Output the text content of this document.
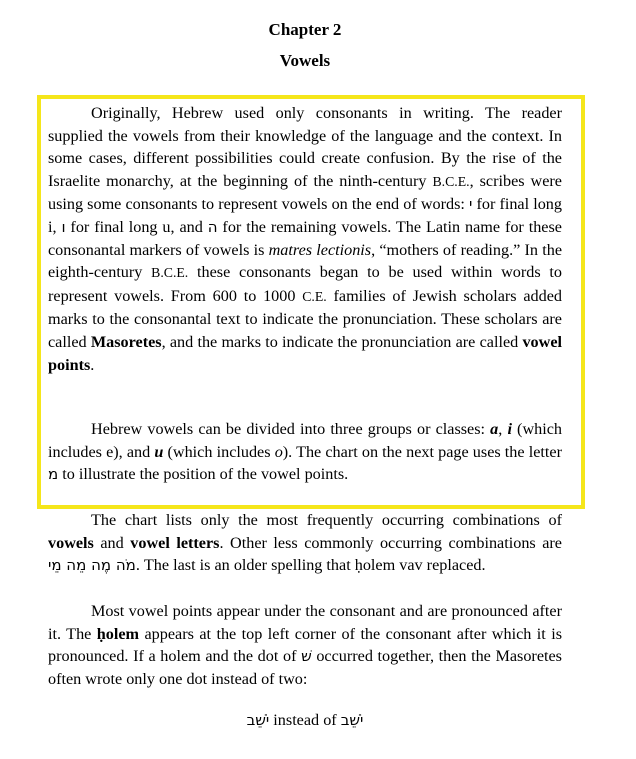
Chapter 2
Vowels

Originally, Hebrew used only consonants in writing. The reader supplied the vowels from their knowledge of the language and the context. In some cases, different possibilities could create confusion. By the rise of the Israelite monarchy, at the beginning of the ninth-century B.C.E., scribes were using some consonants to represent vowels on the end of words: י for final long i, ו for final long u, and ה for the remaining vowels. The Latin name for these consonantal markers of vowels is matres lectionis, “mothers of reading.” In the eighth-century B.C.E. these consonants began to be used within words to represent vowels. From 600 to 1000 C.E. families of Jewish scholars added marks to the consonantal text to indicate the pronunciation. These scholars are called Masoretes, and the marks to indicate the pronunciation are called vowel points.

Hebrew vowels can be divided into three groups or classes: a, i (which includes e), and u (which includes o). The chart on the next page uses the letter מ to illustrate the position of the vowel points.

The chart lists only the most frequently occurring combinations of vowels and vowel letters. Other less commonly occurring combinations are מֹה מֶה מֵה מֵי. The last is an older spelling that ḥolem vav replaced.

Most vowel points appear under the consonant and are pronounced after it. The ḥolem appears at the top left corner of the consonant after which it is pronounced. If a holem and the dot of שׁ occurred together, then the Masoretes often wrote only one dot instead of two:

יֹשֵׁב instead of יֹשֵׁב
